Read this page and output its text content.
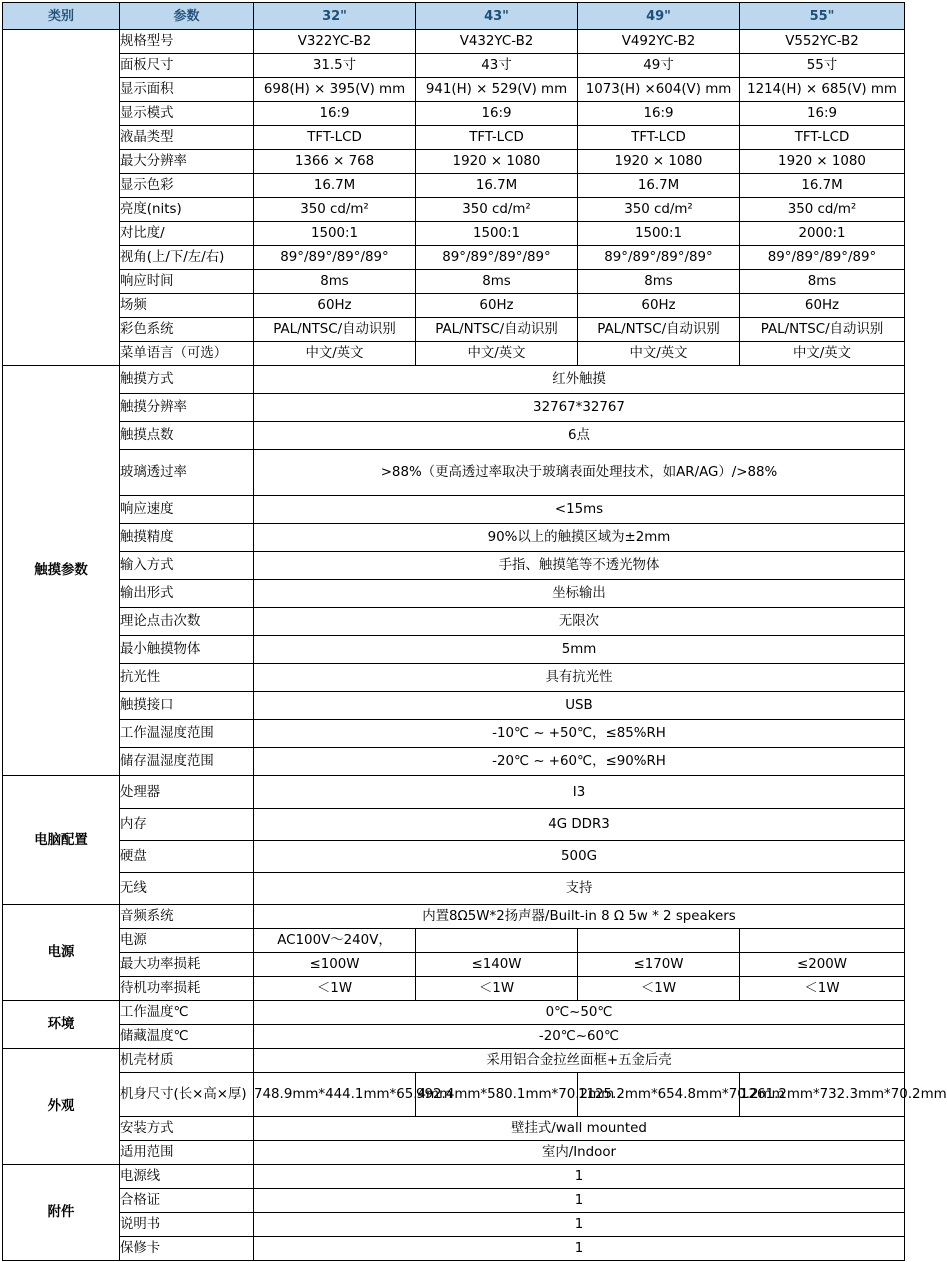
类别	参数	32"	43"	49"	55"
	规格型号	V322YC-B2	V432YC-B2	V492YC-B2	V552YC-B2
	面板尺寸	31.5寸	43寸	49寸	55寸
	显示面积	698(H) × 395(V) mm	941(H) × 529(V) mm	1073(H) ×604(V) mm	1214(H) × 685(V) mm
	显示模式	16:9	16:9	16:9	16:9
	液晶类型	TFT-LCD	TFT-LCD	TFT-LCD	TFT-LCD
	最大分辨率	1366 × 768	1920 × 1080	1920 × 1080	1920 × 1080
	显示色彩	16.7M	16.7M	16.7M	16.7M
	亮度(nits)	350 cd/m²	350 cd/m²	350 cd/m²	350 cd/m²
	对比度/	1500:1	1500:1	1500:1	2000:1
	视角(上/下/左/右)	89°/89°/89°/89°	89°/89°/89°/89°	89°/89°/89°/89°	89°/89°/89°/89°
	响应时间	8ms	8ms	8ms	8ms
	场频	60Hz	60Hz	60Hz	60Hz
	彩色系统	PAL/NTSC/自动识别	PAL/NTSC/自动识别	PAL/NTSC/自动识别	PAL/NTSC/自动识别
	菜单语言（可选）	中文/英文	中文/英文	中文/英文	中文/英文
触摸参数	触摸方式	红外触摸			
	触摸分辨率	32767*32767			
	触摸点数	6点			
	玻璃透过率	>88%（更高透过率取决于玻璃表面处理技术，如AR/AG）/>88%			
	响应速度	<15ms			
	触摸精度	90%以上的触摸区域为±2mm			
	输入方式	手指、触摸笔等不透光物体			
	输出形式	坐标输出			
	理论点击次数	无限次			
	最小触摸物体	5mm			
	抗光性	具有抗光性			
	触摸接口	USB			
	工作温湿度范围	-10℃ ~ +50℃，≤85%RH			
	储存温湿度范围	-20℃ ~ +60℃，≤90%RH			
电脑配置	处理器	I3			
	内存	4G DDR3			
	硬盘	500G			
	无线	支持			
电源	音频系统	内置8Ω5W*2扬声器/Built-in 8 Ω 5w * 2 speakers			
	电源	AC100V～240V，			
	最大功率损耗	≤100W	≤140W	≤170W	≤200W
	待机功率损耗	＜1W	＜1W	＜1W	＜1W
环境	工作温度℃	0℃~50℃			
	储藏温度℃	-20℃~60℃			
外观	机壳材质	采用铝合金拉丝面框+五金后壳			
	机身尺寸(长×高×厚)	748.9mm*444.1mm*65.4mm	992.4mm*580.1mm*70.2mm	1125.2mm*654.8mm*70.2mm	1261.2mm*732.3mm*70.2mm
	安装方式	壁挂式/wall mounted			
	适用范围	室内/Indoor			
附件	电源线	1			
	合格证	1			
	说明书	1			
	保修卡	1			
